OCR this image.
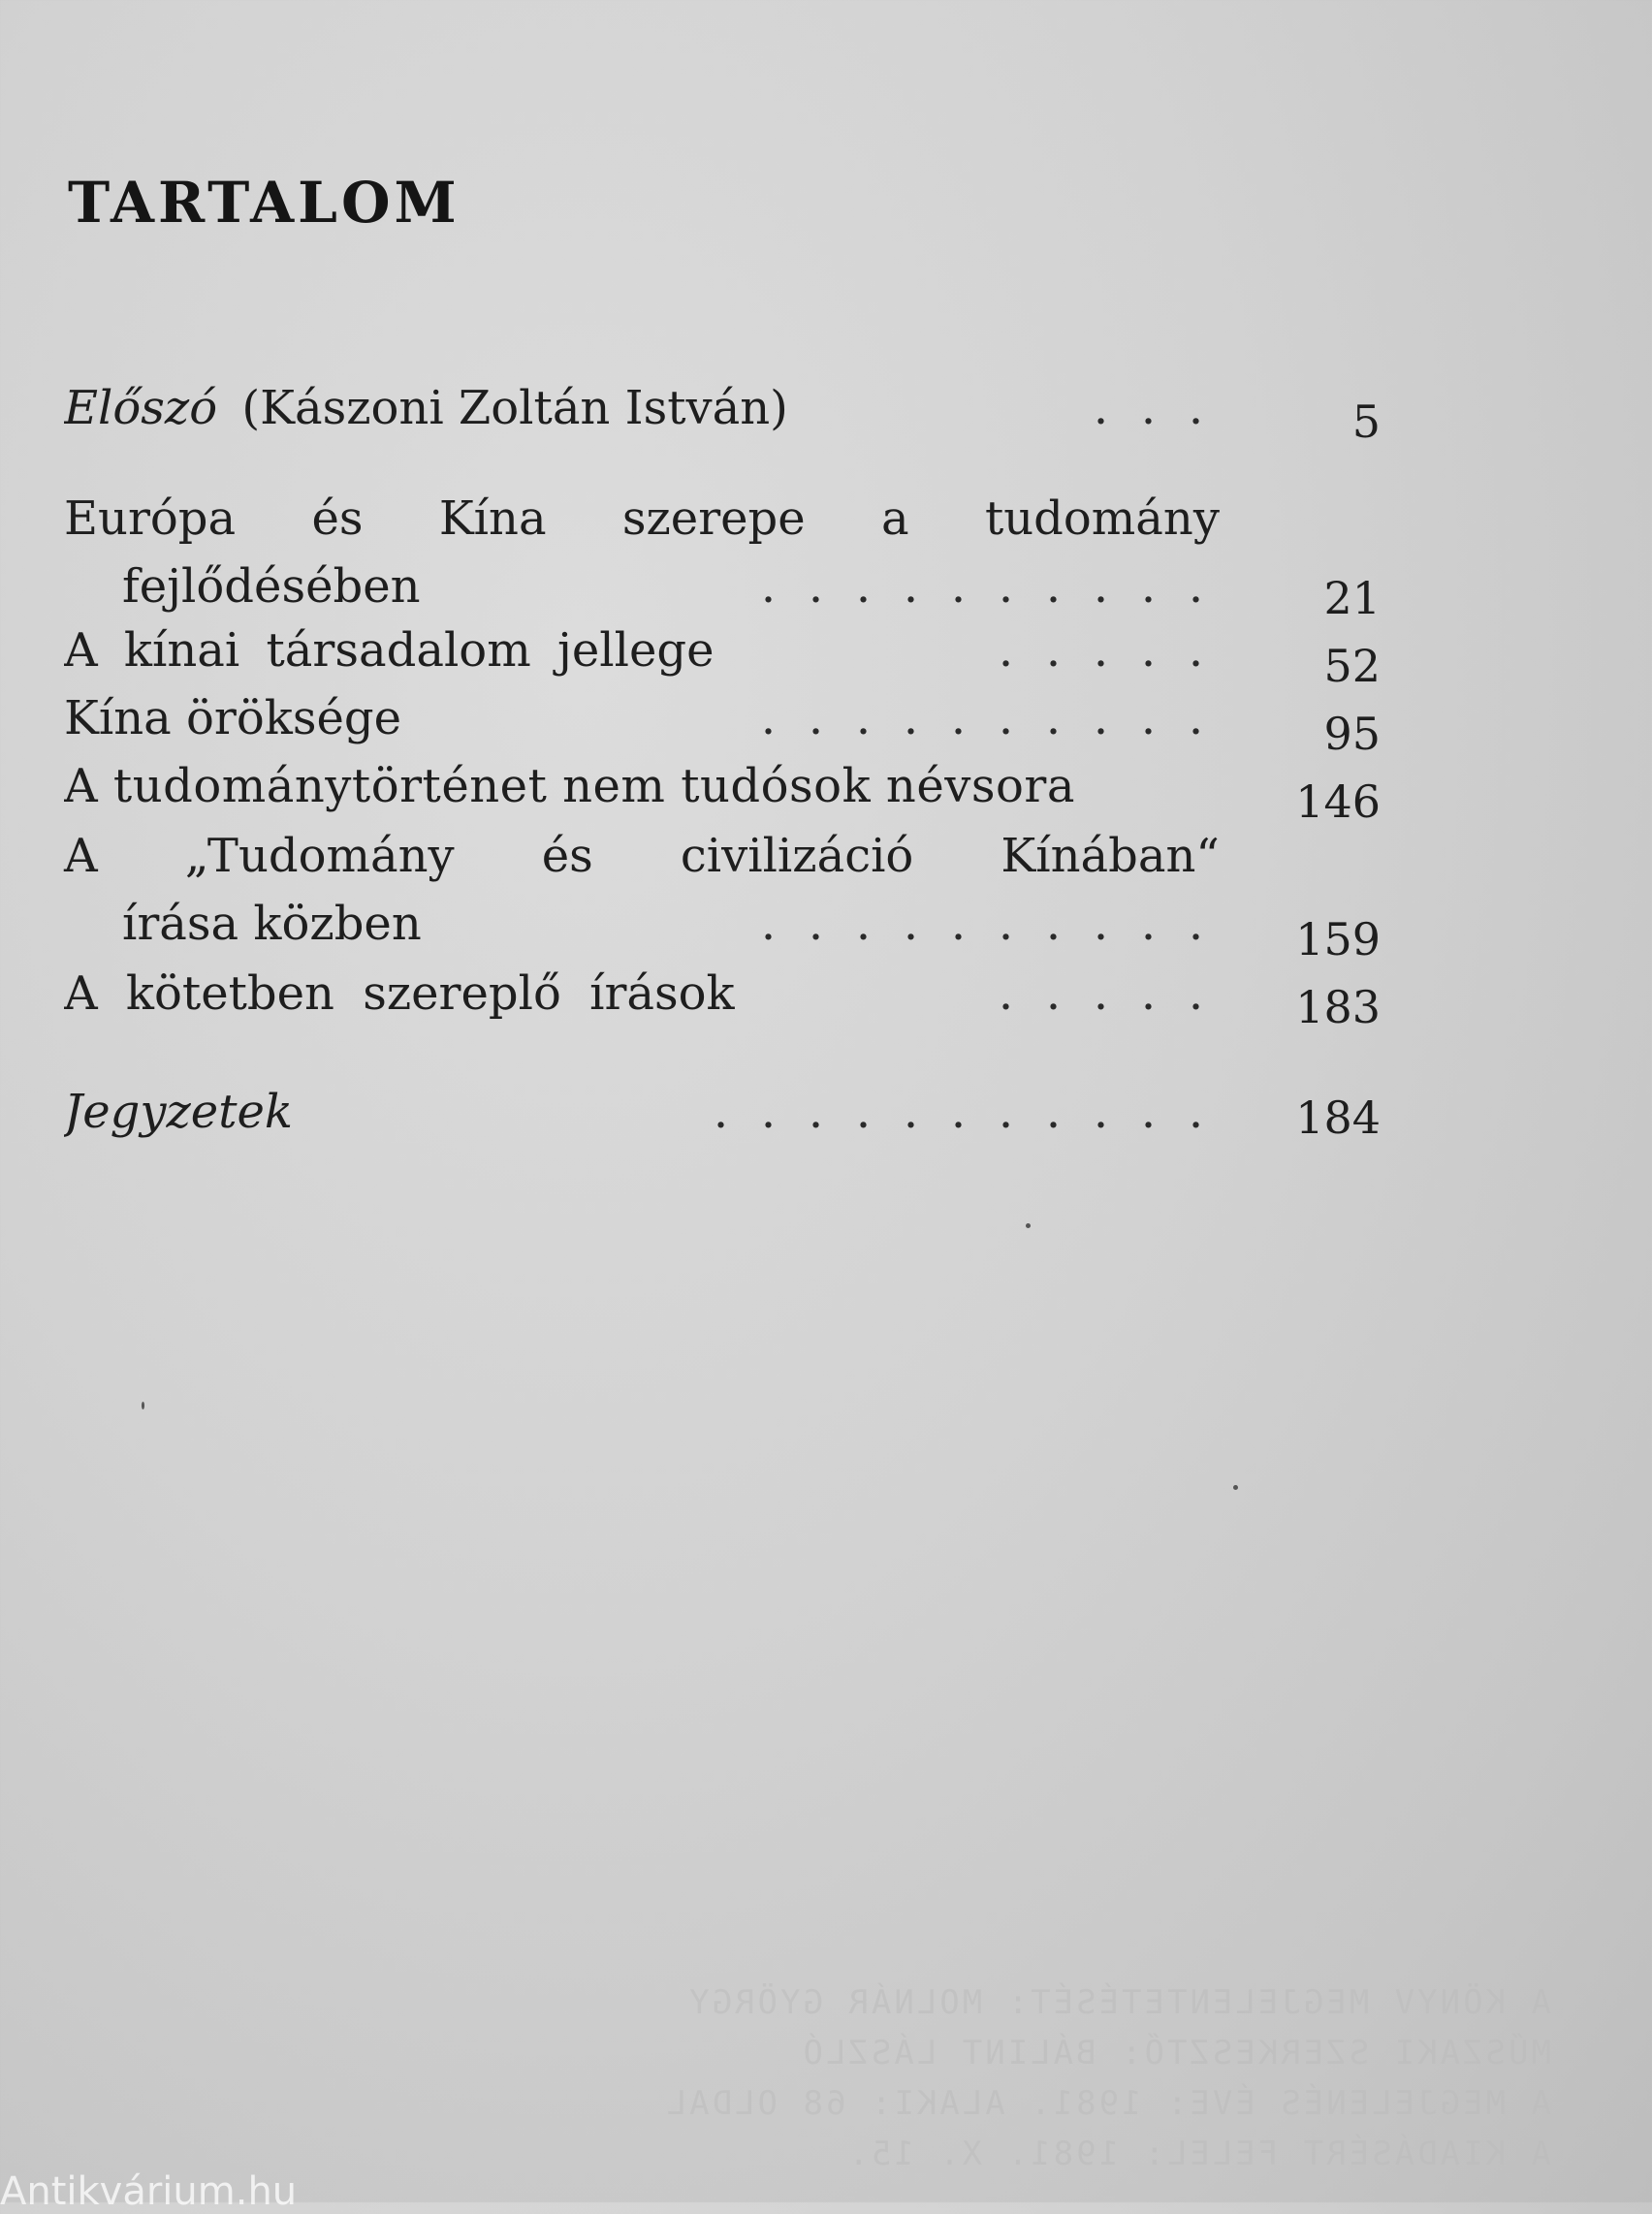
TARTALOM
Előszó (Kászoni Zoltán István)	. . .	5
Európa és Kína szerepe a tudomány
fejlődésében	. . . . . . . . . .	21
A kínai társadalom jellege	. . . . .	52
Kína öröksége	. . . . . . . . . .	95
A tudománytörténet nem tudósok névsora	146
A „Tudomány és civilizáció Kínában“
írása közben	. . . . . . . . . .	159
A kötetben szereplő írások	. . . . .	183
Jegyzetek	. . . . . . . . . . .	184
A KÖNYV MEGJELENTETÉSÉT: MOLNÁR GYÖRGY
MŰSZAKI SZERKESZTŐ: BÁLINT LÁSZLÓ
A MEGJELENÉS ÉVE: 1981. ALAKI: 68 OLDAL
A KIADÁSÉRT FELEL: 1981. X. 15.
Antikvárium.hu
